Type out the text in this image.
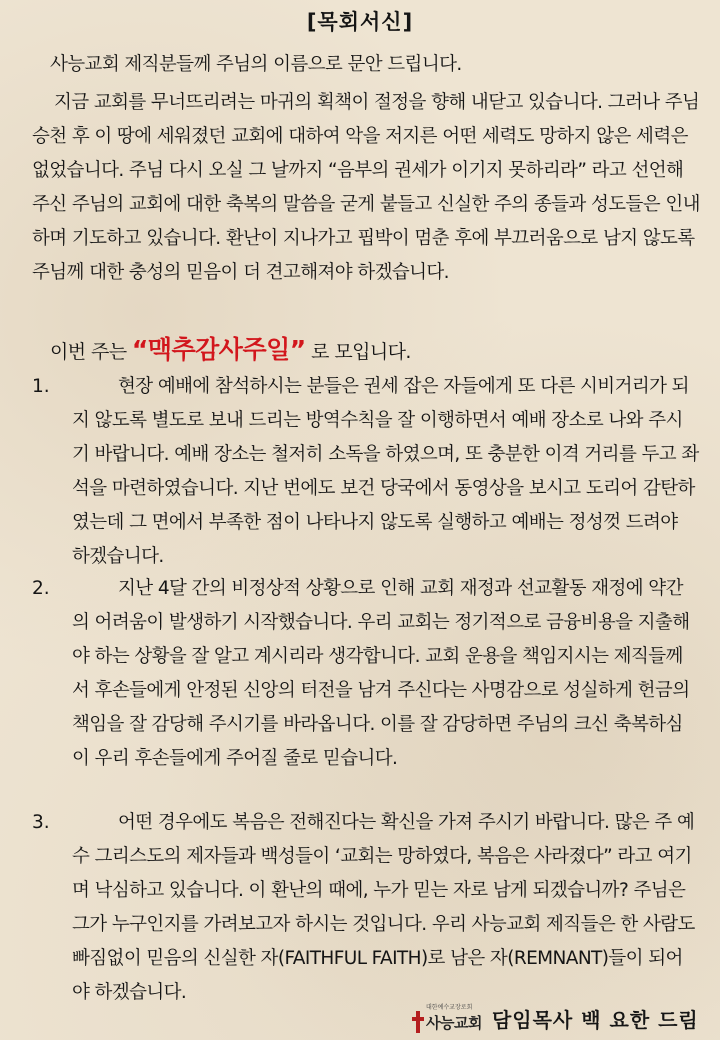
[목회서신]
사능교회 제직분들께 주님의 이름으로 문안 드립니다.
지금 교회를 무너뜨리려는 마귀의 획책이 절정을 향해 내닫고 있습니다. 그러나 주님 승천 후 이 땅에 세워졌던 교회에 대하여 악을 저지른 어떤 세력도 망하지 않은 세력은 없었습니다. 주님 다시 오실 그 날까지 “음부의 권세가 이기지 못하리라” 라고 선언해 주신 주님의 교회에 대한 축복의 말씀을 굳게 붙들고 신실한 주의 종들과 성도들은 인내하며 기도하고 있습니다. 환난이 지나가고 핍박이 멈춘 후에 부끄러움으로 남지 않도록 주님께 대한 충성의 믿음이 더 견고해져야 하겠습니다.
이번 주는 “맥추감사주일” 로 모입니다.
1.	현장 예배에 참석하시는 분들은 권세 잡은 자들에게 또 다른 시비거리가 되지 않도록 별도로 보내 드리는 방역수칙을 잘 이행하면서 예배 장소로 나와 주시기 바랍니다. 예배 장소는 철저히 소독을 하였으며, 또 충분한 이격 거리를 두고 좌석을 마련하였습니다. 지난 번에도 보건 당국에서 동영상을 보시고 도리어 감탄하였는데 그 면에서 부족한 점이 나타나지 않도록 실행하고 예배는 정성껏 드려야 하겠습니다.
2.	지난 4달 간의 비정상적 상황으로 인해 교회 재정과 선교활동 재정에 약간의 어려움이 발생하기 시작했습니다. 우리 교회는 정기적으로 금융비용을 지출해야 하는 상황을 잘 알고 계시리라 생각합니다. 교회 운용을 책임지시는 제직들께서 후손들에게 안정된 신앙의 터전을 남겨 주신다는 사명감으로 성실하게 헌금의 책임을 잘 감당해 주시기를 바라옵니다. 이를 잘 감당하면 주님의 크신 축복하심이 우리 후손들에게 주어질 줄로 믿습니다.
3.	어떤 경우에도 복음은 전해진다는 확신을 가져 주시기 바랍니다. 많은 주 예수 그리스도의 제자들과 백성들이 ‘교회는 망하였다, 복음은 사라졌다” 라고 여기며 낙심하고 있습니다. 이 환난의 때에, 누가 믿는 자로 남게 되겠습니까? 주님은 그가 누구인지를 가려보고자 하시는 것입니다. 우리 사능교회 제직들은 한 사람도 빠짐없이 믿음의 신실한 자(FAITHFUL FAITH)로 남은 자(REMNANT)들이 되어야 하겠습니다.
대한예수교장로회
사능교회 담임목사 백 요한 드림
